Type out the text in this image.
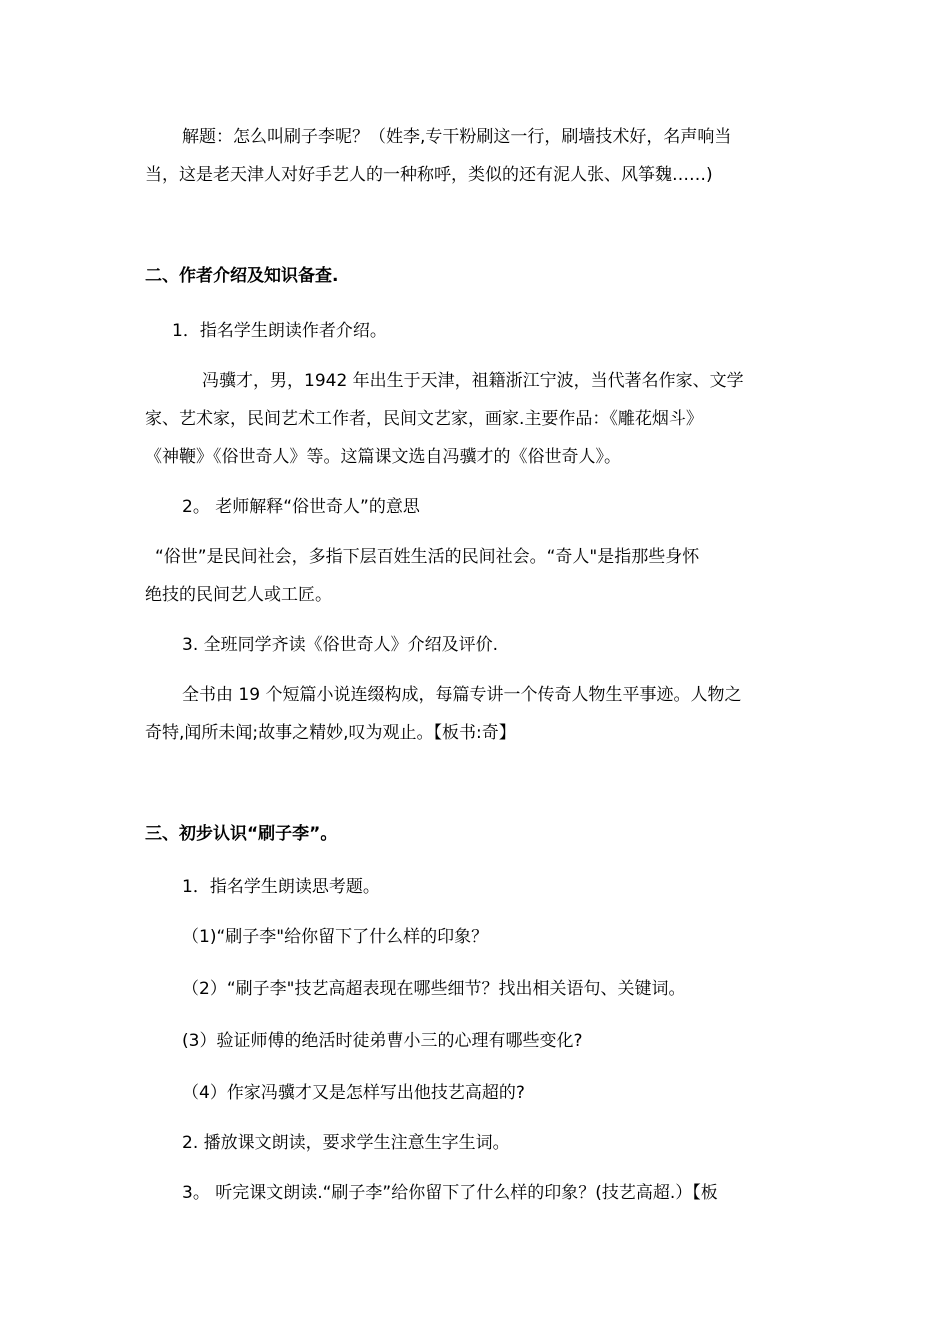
解题：怎么叫刷子李呢？（姓李,专干粉刷这一行，刷墙技术好，名声响当

当，这是老天津人对好手艺人的一种称呼，类似的还有泥人张、风筝魏……)

二、作者介绍及知识备查.

1．指名学生朗读作者介绍。

冯骥才，男，1942 年出生于天津，祖籍浙江宁波，当代著名作家、文学

家、艺术家，民间艺术工作者，民间文艺家，画家.主要作品：《雕花烟斗》

《神鞭》《俗世奇人》等。这篇课文选自冯骥才的《俗世奇人》。

2。 老师解释“俗世奇人”的意思

“俗世”是民间社会，多指下层百姓生活的民间社会。“奇人"是指那些身怀

绝技的民间艺人或工匠。

3. 全班同学齐读《俗世奇人》介绍及评价.

全书由 19 个短篇小说连缀构成，每篇专讲一个传奇人物生平事迹。人物之

奇特,闻所未闻;故事之精妙,叹为观止。【板书:奇】

三、初步认识“刷子李”。

1．指名学生朗读思考题。

（1)“刷子李"给你留下了什么样的印象？

（2）“刷子李"技艺高超表现在哪些细节？找出相关语句、关键词。

(3）验证师傅的绝活时徒弟曹小三的心理有哪些变化?

（4）作家冯骥才又是怎样写出他技艺高超的?

2. 播放课文朗读，要求学生注意生字生词。

3。 听完课文朗读.“刷子李”给你留下了什么样的印象？(技艺高超.）【板
